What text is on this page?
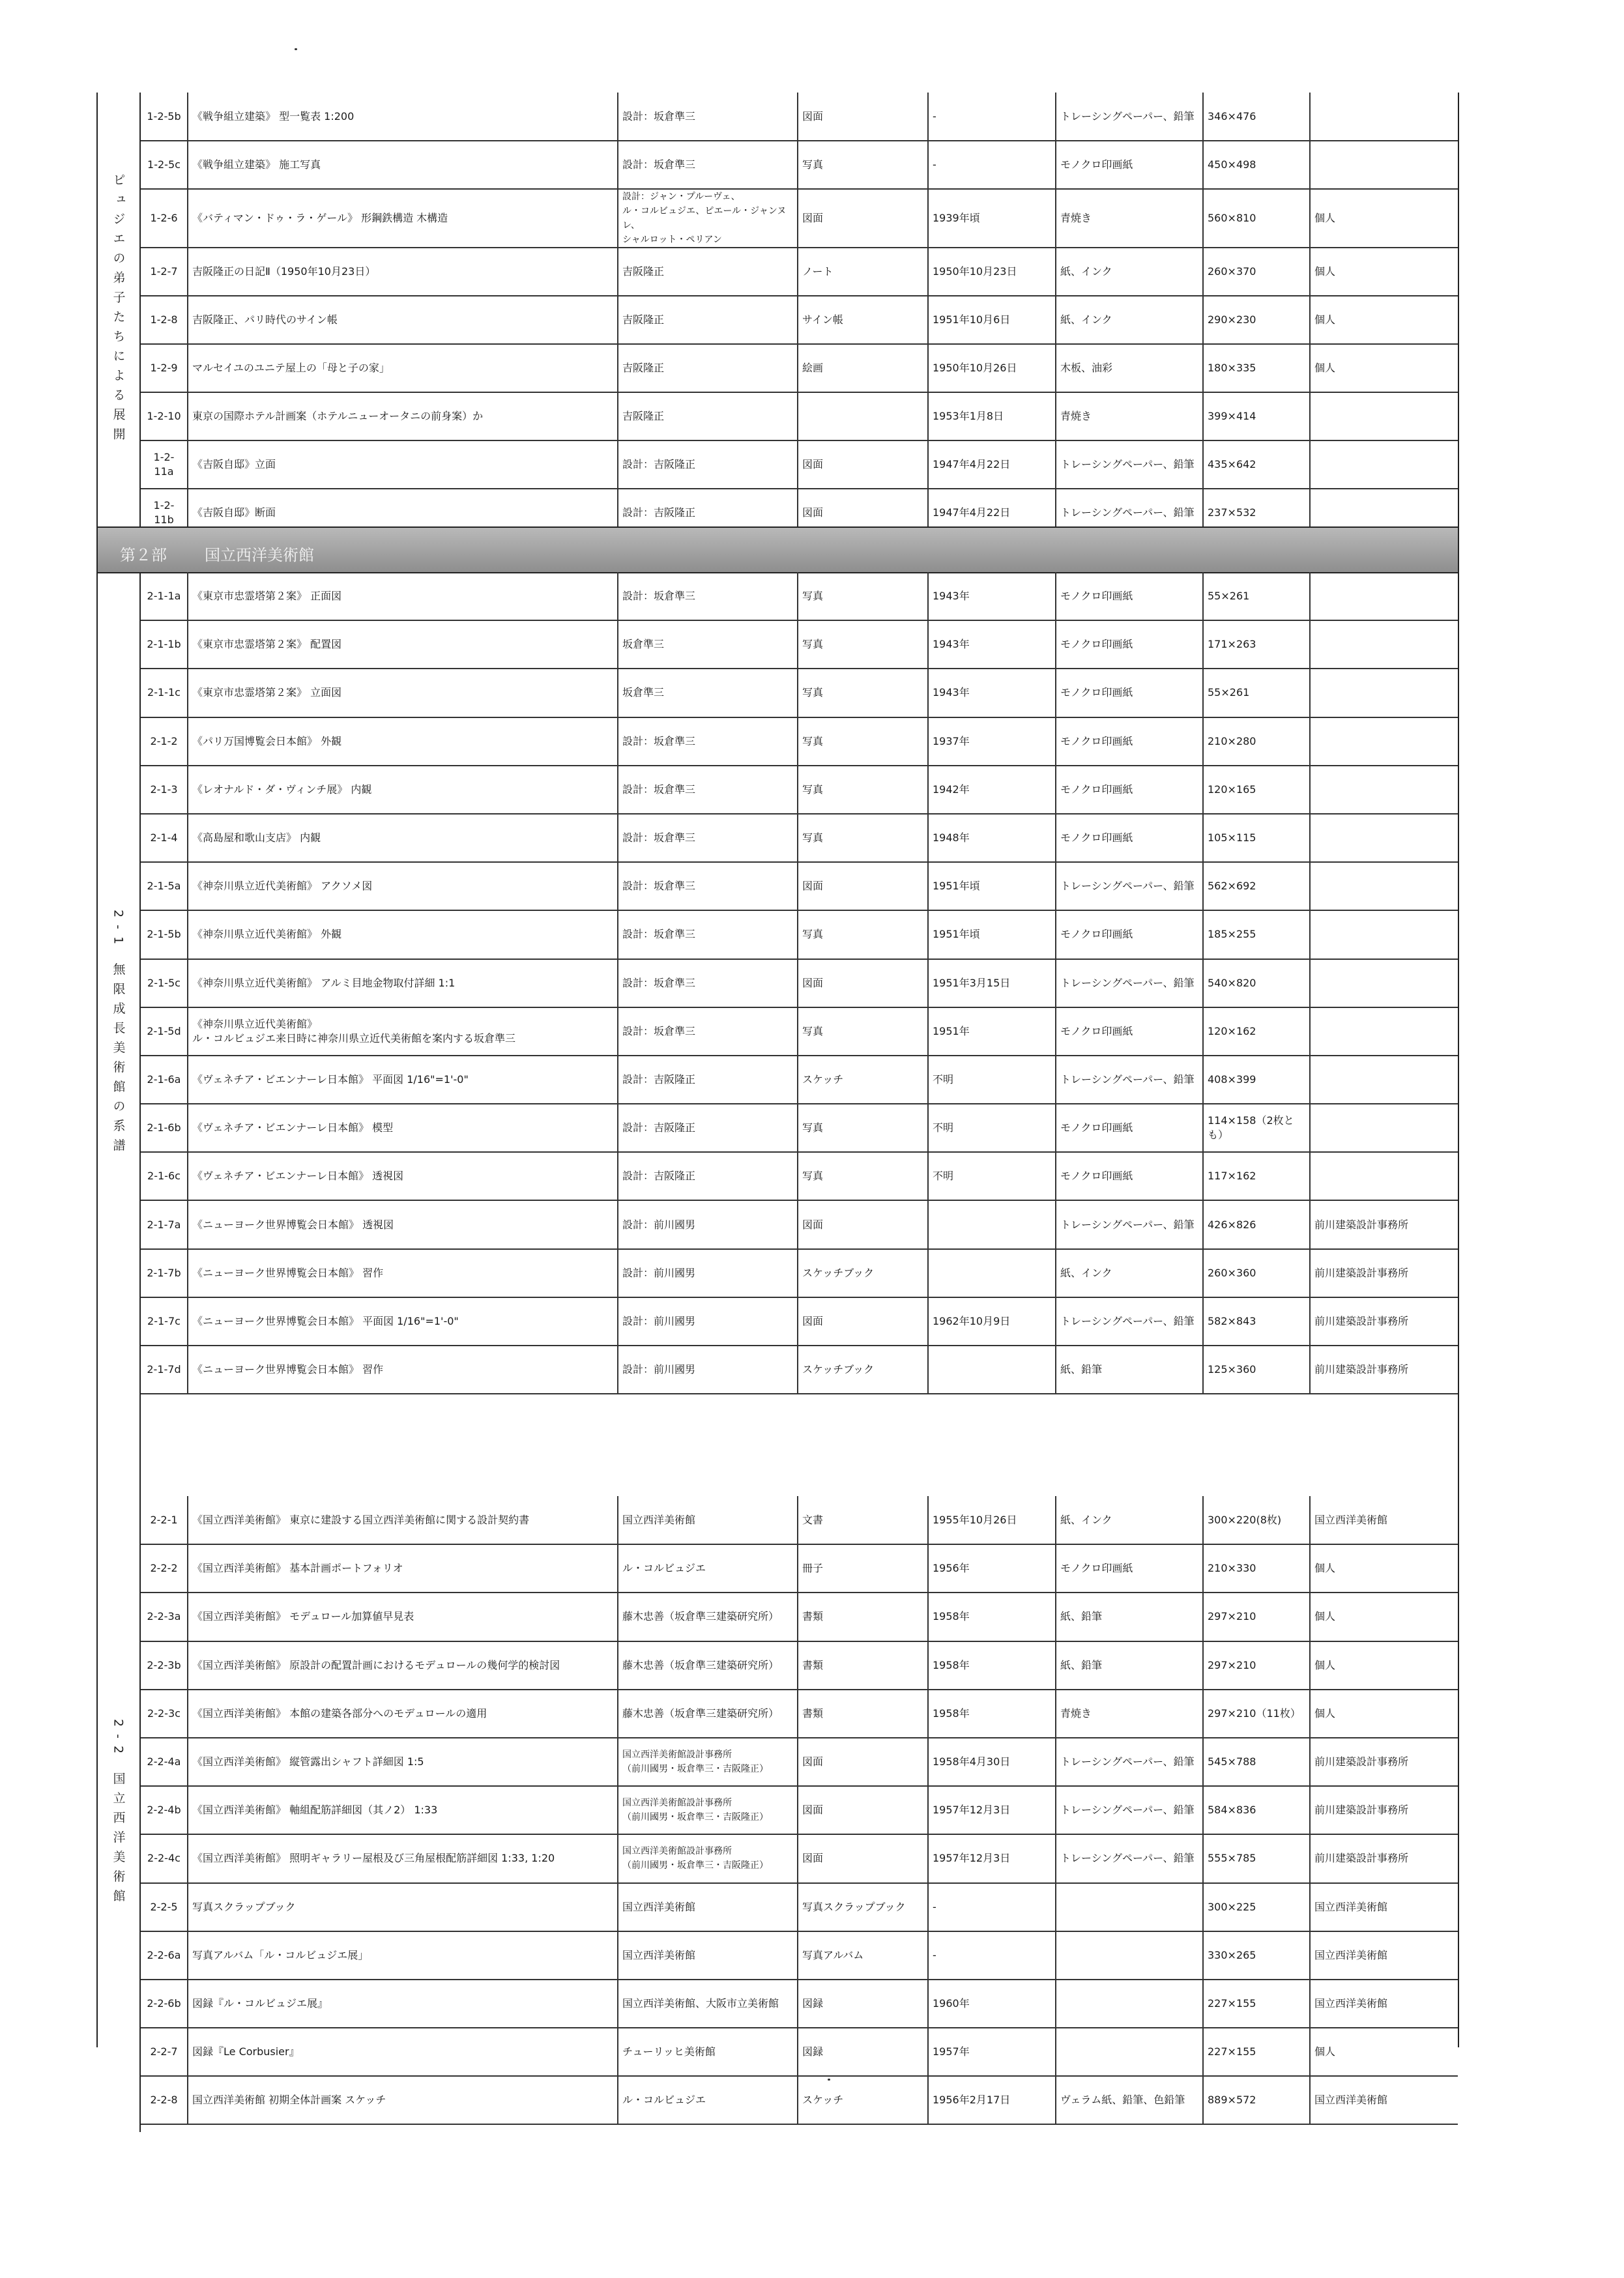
ピュジエの弟子たちによる展開
1-2-5b	《戦争組立建築》 型一覧表 1:200	設計：坂倉準三	図面	-	トレーシングペーパー、鉛筆	346×476	
1-2-5c	《戦争組立建築》 施工写真	設計：坂倉準三	写真	-	モノクロ印画紙	450×498	
1-2-6	《バティマン・ドゥ・ラ・ゲール》 形鋼鉄構造 木構造	設計：ジャン・プルーヴェ、
ル・コルビュジエ、ピエール・ジャンヌレ、
シャルロット・ペリアン	図面	1939年頃	青焼き	560×810	個人
1-2-7	吉阪隆正の日記Ⅱ（1950年10月23日）	吉阪隆正	ノート	1950年10月23日	紙、インク	260×370	個人
1-2-8	吉阪隆正、パリ時代のサイン帳	吉阪隆正	サイン帳	1951年10月6日	紙、インク	290×230	個人
1-2-9	マルセイユのユニテ屋上の「母と子の家」	吉阪隆正	絵画	1950年10月26日	木板、油彩	180×335	個人
1-2-10	東京の国際ホテル計画案（ホテルニューオータニの前身案）か	吉阪隆正		1953年1月8日	青焼き	399×414	
1-2-11a	《吉阪自邸》立面	設計：吉阪隆正	図面	1947年4月22日	トレーシングペーパー、鉛筆	435×642	
1-2-11b	《吉阪自邸》断面	設計：吉阪隆正	図面	1947年4月22日	トレーシングペーパー、鉛筆	237×532	
第２部 国立西洋美術館
2-1 無限成長美術館の系譜
2-1-1a	《東京市忠霊塔第２案》 正面図	設計：坂倉準三	写真	1943年	モノクロ印画紙	55×261	
2-1-1b	《東京市忠霊塔第２案》 配置図	坂倉準三	写真	1943年	モノクロ印画紙	171×263	
2-1-1c	《東京市忠霊塔第２案》 立面図	坂倉準三	写真	1943年	モノクロ印画紙	55×261	
2-1-2	《パリ万国博覧会日本館》 外観	設計：坂倉準三	写真	1937年	モノクロ印画紙	210×280	
2-1-3	《レオナルド・ダ・ヴィンチ展》 内観	設計：坂倉準三	写真	1942年	モノクロ印画紙	120×165	
2-1-4	《高島屋和歌山支店》 内観	設計：坂倉準三	写真	1948年	モノクロ印画紙	105×115	
2-1-5a	《神奈川県立近代美術館》 アクソメ図	設計：坂倉準三	図面	1951年頃	トレーシングペーパー、鉛筆	562×692	
2-1-5b	《神奈川県立近代美術館》 外観	設計：坂倉準三	写真	1951年頃	モノクロ印画紙	185×255	
2-1-5c	《神奈川県立近代美術館》 アルミ目地金物取付詳細 1:1	設計：坂倉準三	図面	1951年3月15日	トレーシングペーパー、鉛筆	540×820	
2-1-5d	《神奈川県立近代美術館》
ル・コルビュジエ来日時に神奈川県立近代美術館を案内する坂倉準三	設計：坂倉準三	写真	1951年	モノクロ印画紙	120×162	
2-1-6a	《ヴェネチア・ビエンナーレ日本館》 平面図 1/16"=1'-0"	設計：吉阪隆正	スケッチ	不明	トレーシングペーパー、鉛筆	408×399	
2-1-6b	《ヴェネチア・ビエンナーレ日本館》 模型	設計：吉阪隆正	写真	不明	モノクロ印画紙	114×158（2枚とも）	
2-1-6c	《ヴェネチア・ビエンナーレ日本館》 透視図	設計：吉阪隆正	写真	不明	モノクロ印画紙	117×162	
2-1-7a	《ニューヨーク世界博覧会日本館》 透視図	設計：前川國男	図面		トレーシングペーパー、鉛筆	426×826	前川建築設計事務所
2-1-7b	《ニューヨーク世界博覧会日本館》 習作	設計：前川國男	スケッチブック		紙、インク	260×360	前川建築設計事務所
2-1-7c	《ニューヨーク世界博覧会日本館》 平面図 1/16"=1'-0"	設計：前川國男	図面	1962年10月9日	トレーシングペーパー、鉛筆	582×843	前川建築設計事務所
2-1-7d	《ニューヨーク世界博覧会日本館》 習作	設計：前川國男	スケッチブック		紙、鉛筆	125×360	前川建築設計事務所
2-2 国立西洋美術館
2-2-1	《国立西洋美術館》 東京に建設する国立西洋美術館に関する設計契約書	国立西洋美術館	文書	1955年10月26日	紙、インク	300×220(8枚)	国立西洋美術館
2-2-2	《国立西洋美術館》 基本計画ポートフォリオ	ル・コルビュジエ	冊子	1956年	モノクロ印画紙	210×330	個人
2-2-3a	《国立西洋美術館》 モデュロール加算値早見表	藤木忠善（坂倉準三建築研究所）	書類	1958年	紙、鉛筆	297×210	個人
2-2-3b	《国立西洋美術館》 原設計の配置計画におけるモデュロールの幾何学的検討図	藤木忠善（坂倉準三建築研究所）	書類	1958年	紙、鉛筆	297×210	個人
2-2-3c	《国立西洋美術館》 本館の建築各部分へのモデュロールの適用	藤木忠善（坂倉準三建築研究所）	書類	1958年	青焼き	297×210（11枚）	個人
2-2-4a	《国立西洋美術館》 縦管露出シャフト詳細図 1:5	国立西洋美術館設計事務所
（前川國男・坂倉準三・吉阪隆正）	図面	1958年4月30日	トレーシングペーパー、鉛筆	545×788	前川建築設計事務所
2-2-4b	《国立西洋美術館》 軸組配筋詳細図（其ノ2） 1:33	国立西洋美術館設計事務所
（前川國男・坂倉準三・吉阪隆正）	図面	1957年12月3日	トレーシングペーパー、鉛筆	584×836	前川建築設計事務所
2-2-4c	《国立西洋美術館》 照明ギャラリー屋根及び三角屋根配筋詳細図 1:33, 1:20	国立西洋美術館設計事務所
（前川國男・坂倉準三・吉阪隆正）	図面	1957年12月3日	トレーシングペーパー、鉛筆	555×785	前川建築設計事務所
2-2-5	写真スクラップブック	国立西洋美術館	写真スクラップブック	-		300×225	国立西洋美術館
2-2-6a	写真アルバム「ル・コルビュジエ展」	国立西洋美術館	写真アルバム	-		330×265	国立西洋美術館
2-2-6b	図録『ル・コルビュジエ展』	国立西洋美術館、大阪市立美術館	図録	1960年		227×155	国立西洋美術館
2-2-7	図録『Le Corbusier』	チューリッヒ美術館	図録	1957年		227×155	個人
2-2-8	国立西洋美術館 初期全体計画案 スケッチ	ル・コルビュジエ	スケッチ	1956年2月17日	ヴェラム紙、鉛筆、色鉛筆	889×572	国立西洋美術館
